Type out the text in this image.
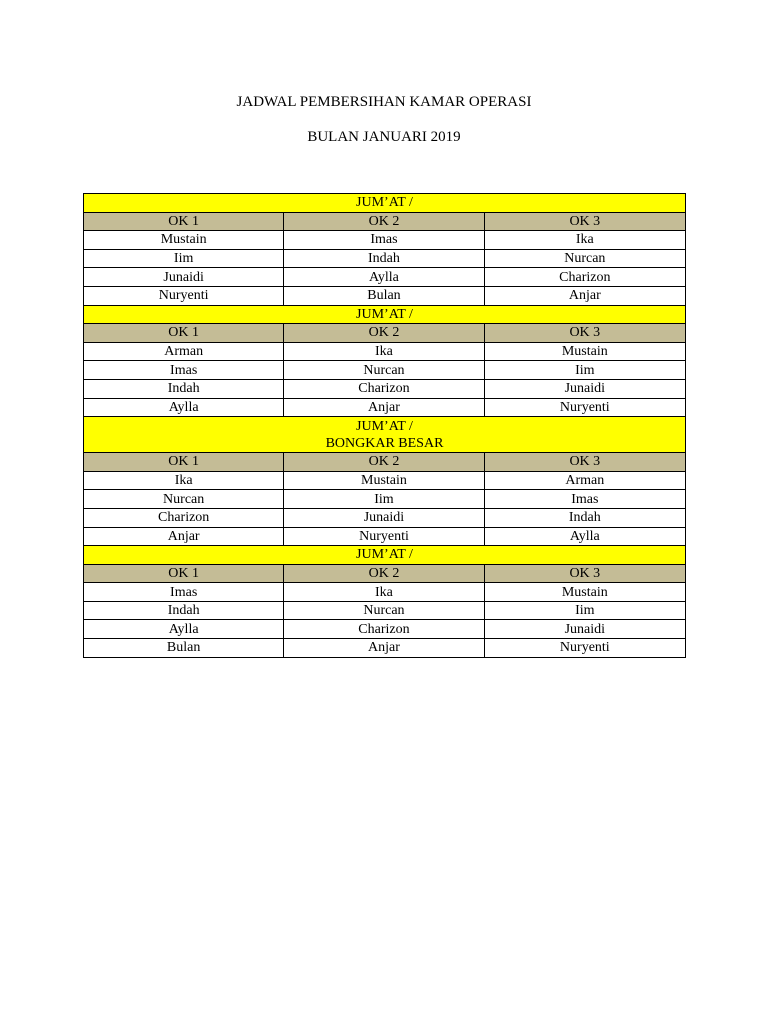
JADWAL PEMBERSIHAN KAMAR OPERASI
BULAN JANUARI 2019
JUM’AT /		

OK 1	OK 2	OK 3
Mustain	Imas	Ika
Iim	Indah	Nurcan
Junaidi	Aylla	Charizon
Nuryenti	Bulan	Anjar

JUM’AT /		

OK 1	OK 2	OK 3
Arman	Ika	Mustain
Imas	Nurcan	Iim
Indah	Charizon	Junaidi
Aylla	Anjar	Nuryenti

JUM’AT /
BONGKAR BESAR		

OK 1	OK 2	OK 3
Ika	Mustain	Arman
Nurcan	Iim	Imas
Charizon	Junaidi	Indah
Anjar	Nuryenti	Aylla

JUM’AT /		

OK 1	OK 2	OK 3
Imas	Ika	Mustain
Indah	Nurcan	Iim
Aylla	Charizon	Junaidi
Bulan	Anjar	Nuryenti
